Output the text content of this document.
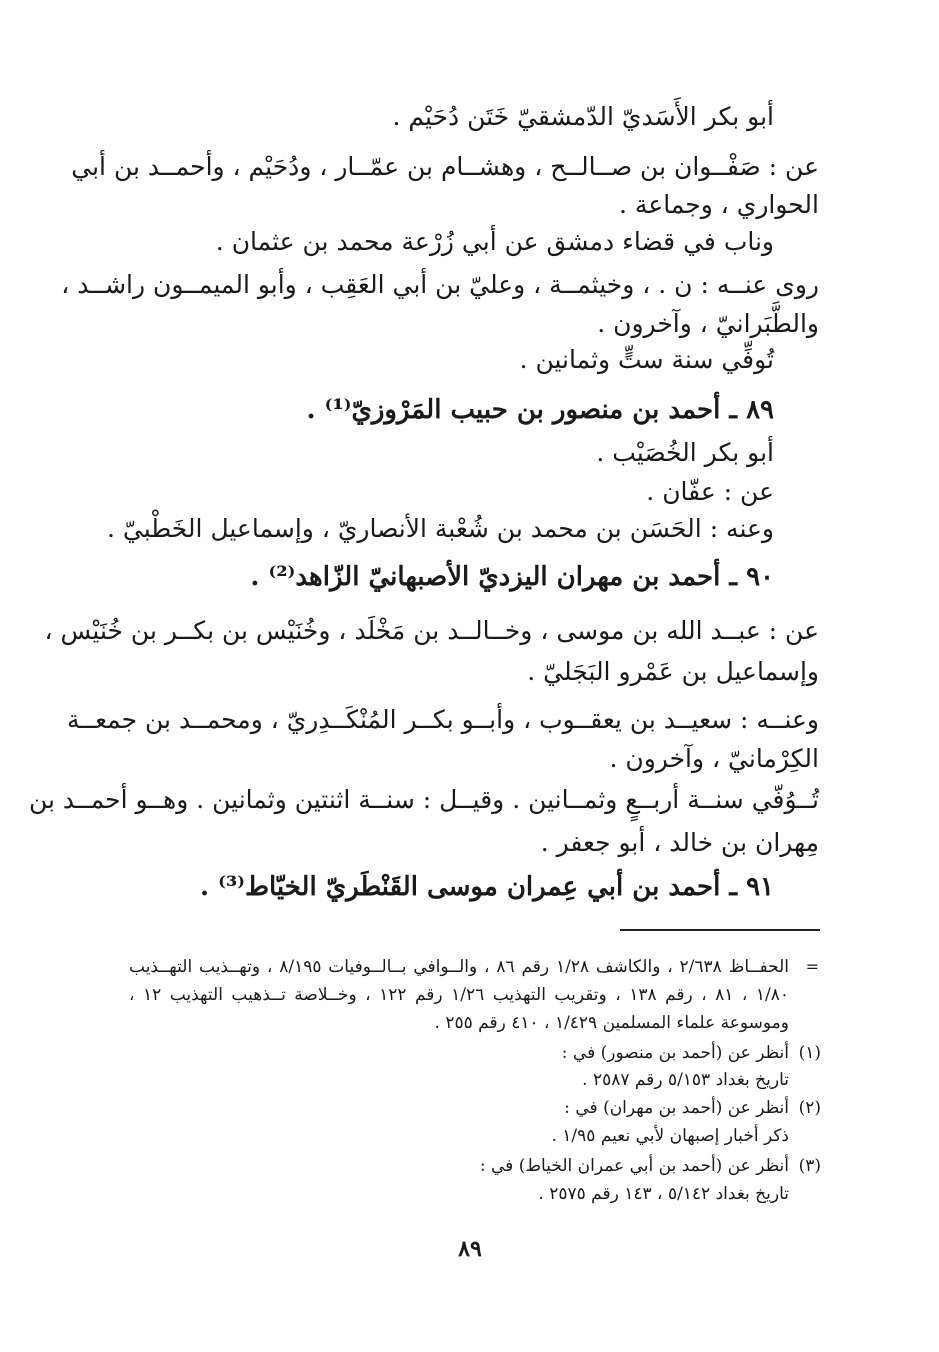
أبو بكر الأَسَديّ الدّمشقيّ خَتَن دُحَيْم .
عن : صَفْــوان بن صــالــح ، وهشــام بن عمّــار ، ودُحَيْم ، وأحمــد بن أبي
الحواري ، وجماعة .
وناب في قضاء دمشق عن أبي زُرْعة محمد بن عثمان .
روى عنــه : ن . ، وخيثمــة ، وعليّ بن أبي العَقِب ، وأبو الميمــون راشــد ،
والطَّبَرانيّ ، وآخرون .
تُوفِّي سنة ستٍّ وثمانين .
٨٩ ـ أحمد بن منصور بن حبيب المَرْوزيّ⁽¹⁾ .
أبو بكر الخُصَيْب .
عن : عفّان .
وعنه : الحَسَن بن محمد بن شُعْبة الأنصاريّ ، وإسماعيل الخَطْبيّ .
٩٠ ـ أحمد بن مهران اليزديّ الأصبهانيّ الزّاهد⁽²⁾ .
عن : عبــد الله بن موسى ، وخــالــد بن مَخْلَد ، وخُنَيْس بن بكــر بن خُنَيْس ،
وإسماعيل بن عَمْرو البَجَليّ .
وعنــه : سعيــد بن يعقــوب ، وأبــو بكــر المُنْكَــدِريّ ، ومحمــد بن جمعــة
الكِرْمانيّ ، وآخرون .
تُــوُفّي سنــة أربــعٍ وثمــانين . وقيــل : سنــة اثنتين وثمانين . وهــو أحمــد بن
مِهران بن خالد ، أبو جعفر .
٩١ ـ أحمد بن أبي عِمران موسى القَنْطَريّ الخيّاط⁽³⁾ .
=
الحفــاظ ٢/٦٣٨ ، والكاشف ١/٢٨ رقم ٨٦ ، والــوافي بــالــوفيات ٨/١٩٥ ، وتهــذيب التهــذيب
١/٨٠ ، ٨١ ، رقم ١٣٨ ، وتقريب التهذيب ١/٢٦ رقم ١٢٢ ، وخــلاصة تــذهيب التهذيب ١٢ ،
وموسوعة علماء المسلمين ١/٤٢٩ ، ٤١٠ رقم ٢٥٥ .
(١)
أنظر عن (أحمد بن منصور) في :
تاريخ بغداد ٥/١٥٣ رقم ٢٥٨٧ .
(٢)
أنظر عن (أحمد بن مهران) في :
ذكر أخبار إصبهان لأبي نعيم ١/٩٥ .
(٣)
أنظر عن (أحمد بن أبي عمران الخياط) في :
تاريخ بغداد ٥/١٤٢ ، ١٤٣ رقم ٢٥٧٥ .
٨٩
